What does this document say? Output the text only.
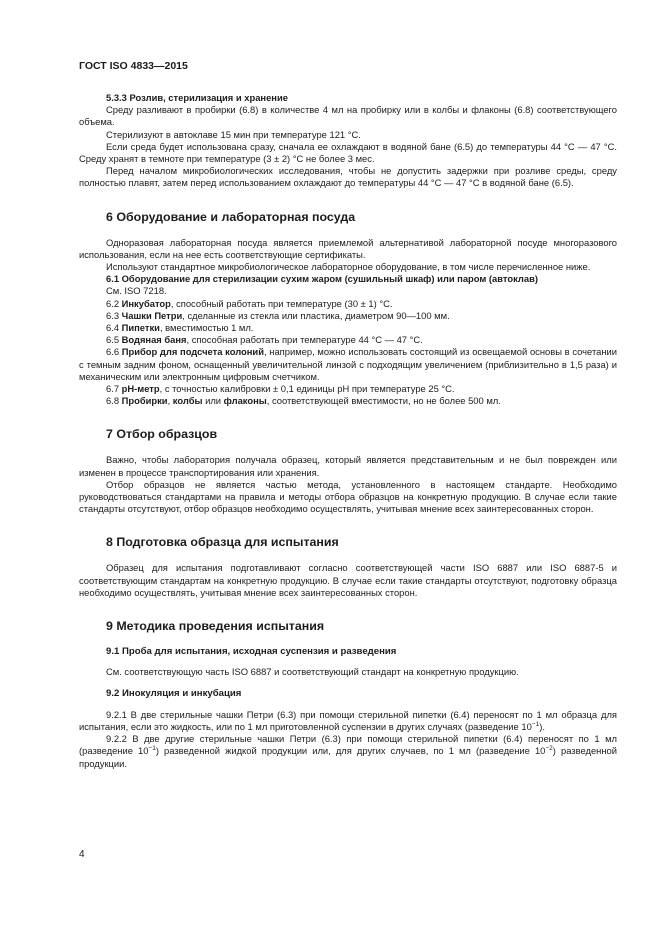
ГОСТ ISO 4833—2015

5.3.3 Розлив, стерилизация и хранение

Среду разливают в пробирки (6.8) в количестве 4 мл на пробирку или в колбы и флаконы (6.8) соответствующего объема.

Стерилизуют в автоклаве 15 мин при температуре 121 °С.

Если среда будет использована сразу, сначала ее охлаждают в водяной бане (6.5) до температуры 44 °С — 47 °С. Среду хранят в темноте при температуре (3 ± 2) °С не более 3 мес.

Перед началом микробиологических исследования, чтобы не допустить задержки при розливе среды, среду полностью плавят, затем перед использованием охлаждают до температуры 44 °С — 47 °С в водяной бане (6.5).

6 Оборудование и лабораторная посуда

Одноразовая лабораторная посуда является приемлемой альтернативой лабораторной посуде многоразового использования, если на нее есть соответствующие сертификаты.

Используют стандартное микробиологическое лабораторное оборудование, в том числе перечисленное ниже.

6.1 Оборудование для стерилизации сухим жаром (сушильный шкаф) или паром (автоклав)

См. ISO 7218.

6.2 Инкубатор, способный работать при температуре (30 ± 1) °С.

6.3 Чашки Петри, сделанные из стекла или пластика, диаметром 90—100 мм.

6.4 Пипетки, вместимостью 1 мл.

6.5 Водяная баня, способная работать при температуре 44 °С — 47 °С.

6.6 Прибор для подсчета колоний, например, можно использовать состоящий из освещаемой основы в сочетании с темным задним фоном, оснащенный увеличительной линзой с подходящим увеличением (приблизительно в 1,5 раза) и механическим или электронным цифровым счетчиком.

6.7 рН-метр, с точностью калибровки ± 0,1 единицы рН при температуре 25 °С.

6.8 Пробирки, колбы или флаконы, соответствующей вместимости, но не более 500 мл.

7 Отбор образцов

Важно, чтобы лаборатория получала образец, который является представительным и не был поврежден или изменен в процессе транспортирования или хранения.

Отбор образцов не является частью метода, установленного в настоящем стандарте. Необходимо руководствоваться стандартами на правила и методы отбора образцов на конкретную продукцию. В случае если такие стандарты отсутствуют, отбор образцов необходимо осуществлять, учитывая мнение всех заинтересованных сторон.

8 Подготовка образца для испытания

Образец для испытания подготавливают согласно соответствующей части ISO 6887 или ISO 6887-5 и соответствующим стандартам на конкретную продукцию. В случае если такие стандарты отсутствуют, подготовку образца необходимо осуществлять, учитывая мнение всех заинтересованных сторон.

9 Методика проведения испытания

9.1 Проба для испытания, исходная суспензия и разведения

См. соответствующую часть ISO 6887 и соответствующий стандарт на конкретную продукцию.

9.2 Инокуляция и инкубация

9.2.1 В две стерильные чашки Петри (6.3) при помощи стерильной пипетки (6.4) переносят по 1 мл образца для испытания, если это жидкость, или по 1 мл приготовленной суспензии в других случаях (разведение $10^{-1}$).

9.2.2 В две другие стерильные чашки Петри (6.3) при помощи стерильной пипетки (6.4) переносят по 1 мл (разведение $10^{-1}$) разведенной жидкой продукции или, для других случаев, по 1 мл (разведение $10^{-2}$) разведенной продукции.

4
